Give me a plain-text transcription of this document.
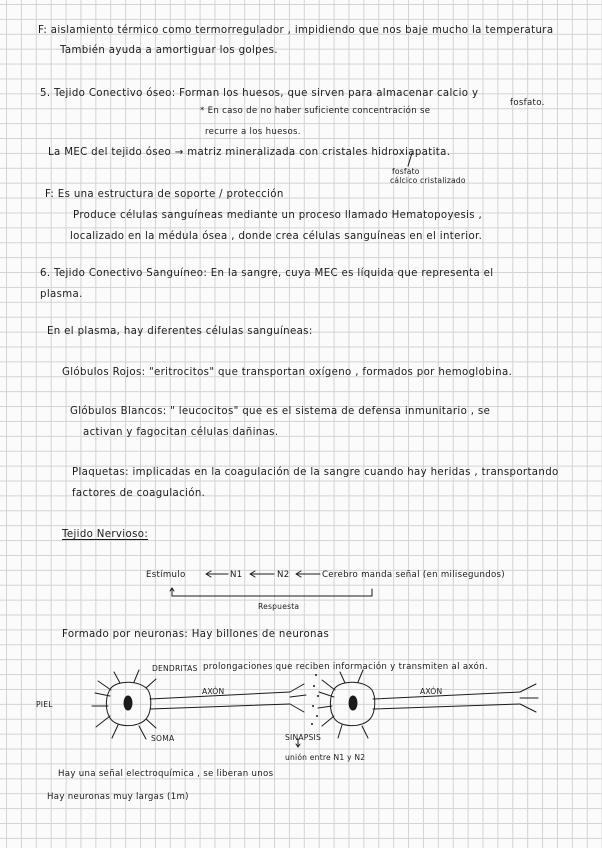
F: aislamiento térmico como termorregulador , impidiendo que nos baje mucho la temperatura
También ayuda a amortiguar los golpes.
5. Tejido Conectivo óseo: Forman los huesos, que sirven para almacenar calcio y
fosfato.
* En caso de no haber suficiente concentración se
recurre a los huesos.
La MEC del tejido óseo → matriz mineralizada con cristales hidroxiapatita.
fosfato
cálcico cristalizado
F: Es una estructura de soporte / protección
Produce células sanguíneas mediante un proceso llamado Hematopoyesis ,
localizado en la médula ósea , donde crea células sanguíneas en el interior.
6. Tejido Conectivo Sanguíneo: En la sangre, cuya MEC es líquida que representa el
plasma.
En el plasma, hay diferentes células sanguíneas:
Glóbulos Rojos: "eritrocitos" que transportan oxígeno , formados por hemoglobina.
Glóbulos Blancos: " leucocitos" que es el sistema de defensa inmunitario , se
activan y fagocitan células dañinas.
Plaquetas: implicadas en la coagulación de la sangre cuando hay heridas , transportando
factores de coagulación.
Tejido Nervioso:
Estímulo	N1	N2	Cerebro manda señal (en milisegundos)
Respuesta
Formado por neuronas: Hay billones de neuronas
DENDRITAS prolongaciones que reciben información y transmiten al axón.
PIEL
AXÓN	AXÓN
SOMA	SINAPSIS
unión entre N1 y N2
Hay una señal electroquímica , se liberan unos
Hay neuronas muy largas (1m)
